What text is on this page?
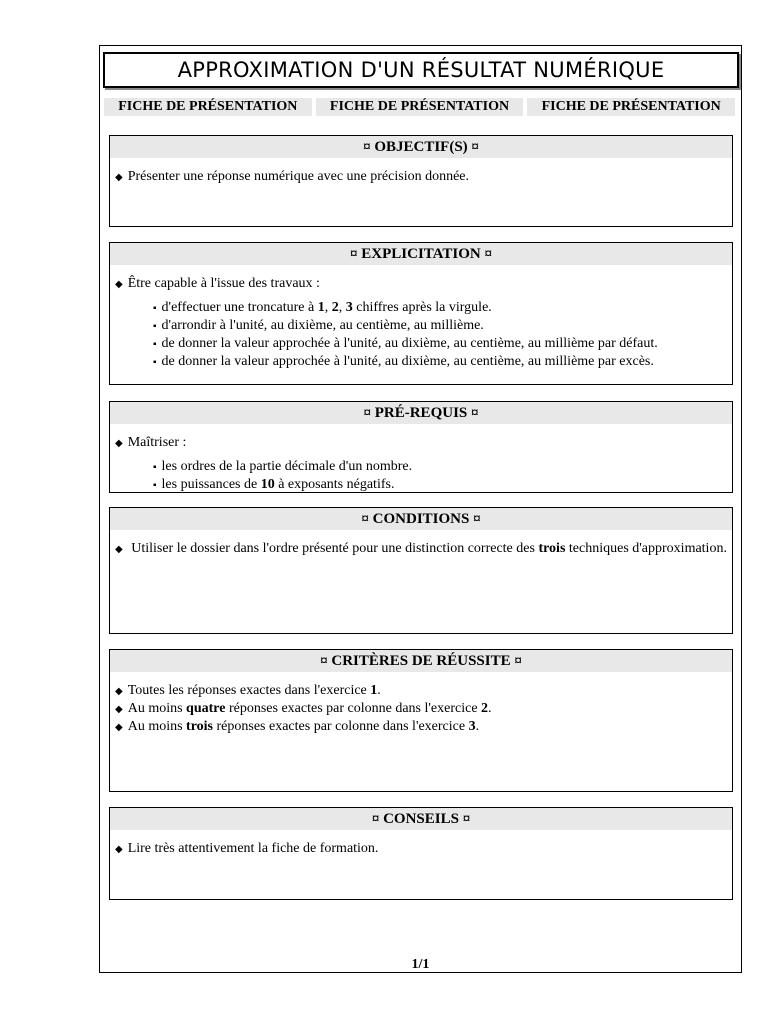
APPROXIMATION D'UN RÉSULTAT NUMÉRIQUE
FICHE DE PRÉSENTATION	FICHE DE PRÉSENTATION	FICHE DE PRÉSENTATION
¤
OBJECTIF(S)
¤
◆ Présenter une réponse numérique avec une précision donnée.
¤
EXPLICITATION
¤
◆ Être capable à l'issue des travaux :
▪ d'effectuer une troncature à 1, 2, 3 chiffres après la virgule.
▪ d'arrondir à l'unité, au dixième, au centième, au millième.
▪ de donner la valeur approchée à l'unité, au dixième, au centième, au millième par défaut.
▪ de donner la valeur approchée à l'unité, au dixième, au centième, au millième par excès.
¤
PRÉ-REQUIS
¤
◆ Maîtriser :
▪ les ordres de la partie décimale d'un nombre.
▪ les puissances de 10 à exposants négatifs.
¤
CONDITIONS
¤
◆ Utiliser le dossier dans l'ordre présenté pour une distinction correcte des trois techniques d'approximation.
¤
CRITÈRES DE RÉUSSITE
¤
◆ Toutes les réponses exactes dans l'exercice 1.
◆ Au moins quatre réponses exactes par colonne dans l'exercice 2.
◆ Au moins trois réponses exactes par colonne dans l'exercice 3.
¤
CONSEILS
¤
◆ Lire très attentivement la fiche de formation.
1/1
